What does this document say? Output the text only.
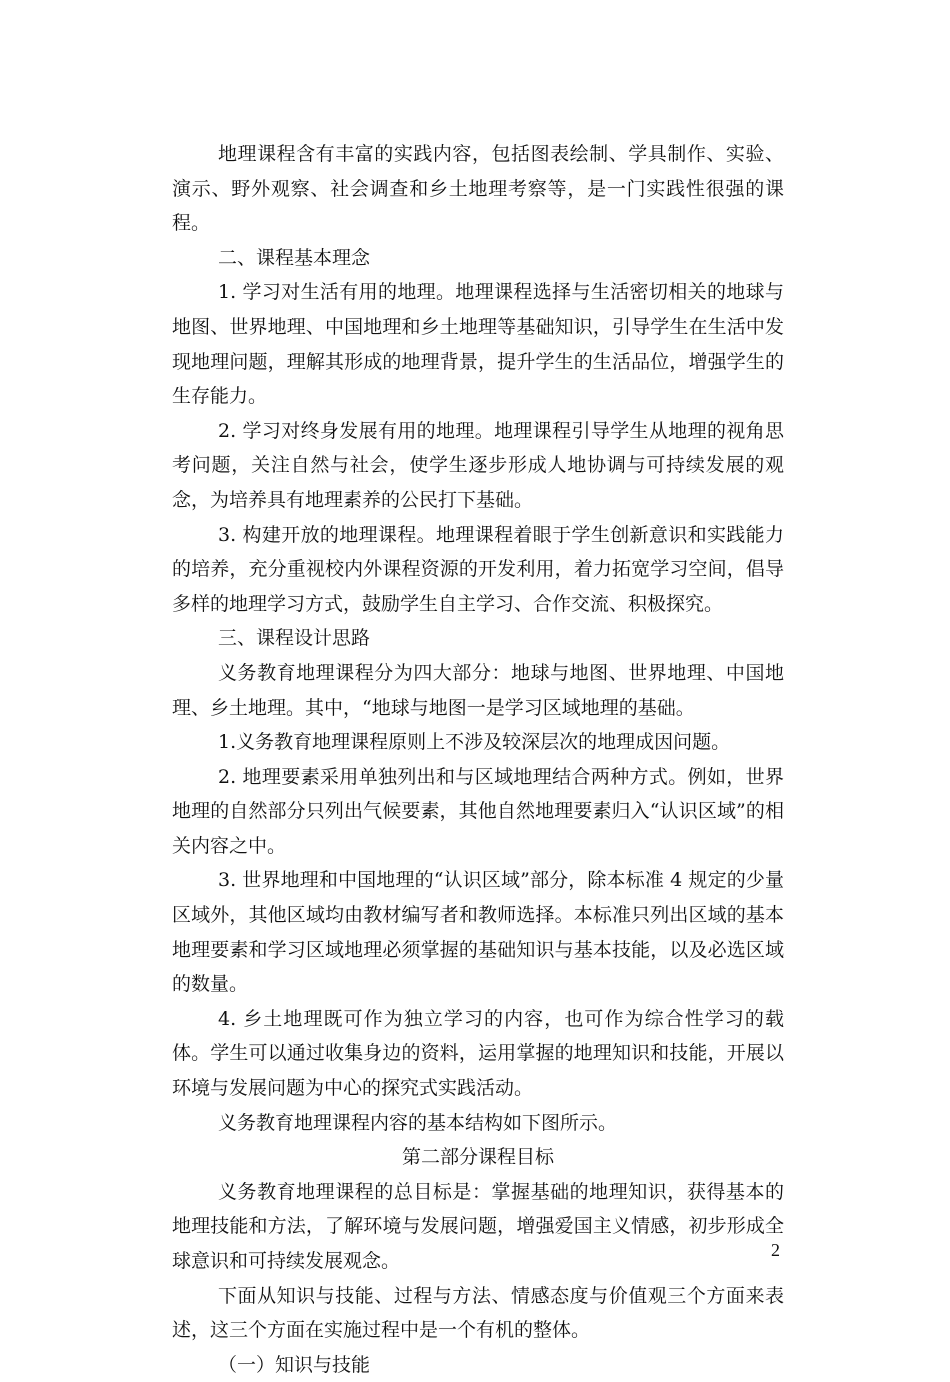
地理课程含有丰富的实践内容，包括图表绘制、学具制作、实验、演示、野外观察、社会调查和乡土地理考察等，是一门实践性很强的课程。

二、课程基本理念

1. 学习对生活有用的地理。地理课程选择与生活密切相关的地球与地图、世界地理、中国地理和乡土地理等基础知识，引导学生在生活中发现地理问题，理解其形成的地理背景，提升学生的生活品位，增强学生的生存能力。

2. 学习对终身发展有用的地理。地理课程引导学生从地理的视角思考问题，关注自然与社会，使学生逐步形成人地协调与可持续发展的观念，为培养具有地理素养的公民打下基础。

3. 构建开放的地理课程。地理课程着眼于学生创新意识和实践能力的培养，充分重视校内外课程资源的开发利用，着力拓宽学习空间，倡导多样的地理学习方式，鼓励学生自主学习、合作交流、积极探究。

三、课程设计思路

义务教育地理课程分为四大部分：地球与地图、世界地理、中国地理、乡土地理。其中，“地球与地图一是学习区域地理的基础。

1.义务教育地理课程原则上不涉及较深层次的地理成因问题。

2. 地理要素采用单独列出和与区域地理结合两种方式。例如，世界地理的自然部分只列出气候要素，其他自然地理要素归入“认识区域”的相关内容之中。

3. 世界地理和中国地理的“认识区域”部分，除本标准 4 规定的少量区域外，其他区域均由教材编写者和教师选择。本标准只列出区域的基本地理要素和学习区域地理必须掌握的基础知识与基本技能，以及必选区域的数量。

4. 乡土地理既可作为独立学习的内容，也可作为综合性学习的载体。学生可以通过收集身边的资料，运用掌握的地理知识和技能，开展以环境与发展问题为中心的探究式实践活动。

义务教育地理课程内容的基本结构如下图所示。

第二部分课程目标

义务教育地理课程的总目标是：掌握基础的地理知识，获得基本的地理技能和方法，了解环境与发展问题，增强爱国主义情感，初步形成全球意识和可持续发展观念。

下面从知识与技能、过程与方法、情感态度与价值观三个方面来表述，这三个方面在实施过程中是一个有机的整体。

（一）知识与技能

2
